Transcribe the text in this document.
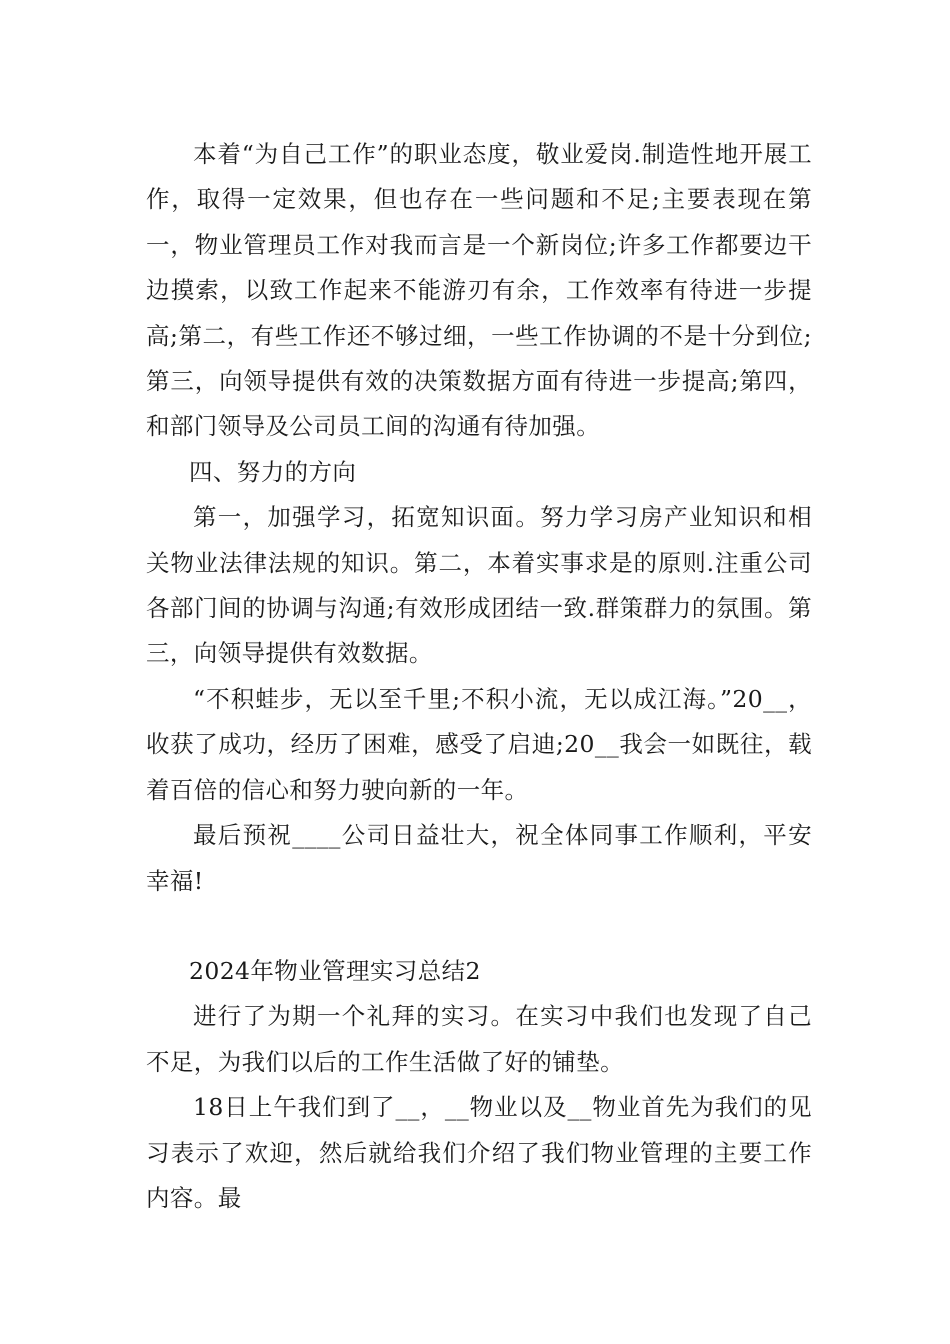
本着“为自己工作”的职业态度，敬业爱岗.制造性地开展工作，取得一定效果，但也存在一些问题和不足;主要表现在第一，物业管理员工作对我而言是一个新岗位;许多工作都要边干边摸索，以致工作起来不能游刃有余，工作效率有待进一步提高;第二，有些工作还不够过细，一些工作协调的不是十分到位;第三，向领导提供有效的决策数据方面有待进一步提高;第四，和部门领导及公司员工间的沟通有待加强。

四、努力的方向

第一，加强学习，拓宽知识面。努力学习房产业知识和相关物业法律法规的知识。第二，本着实事求是的原则.注重公司各部门间的协调与沟通;有效形成团结一致.群策群力的氛围。第三，向领导提供有效数据。

“不积蛙步，无以至千里;不积小流，无以成江海。”20__，收获了成功，经历了困难，感受了启迪;20__我会一如既往，载着百倍的信心和努力驶向新的一年。

最后预祝____公司日益壮大，祝全体同事工作顺利，平安幸福!

2024年物业管理实习总结2

进行了为期一个礼拜的实习。在实习中我们也发现了自己不足，为我们以后的工作生活做了好的铺垫。

18日上午我们到了__，__物业以及__物业首先为我们的见习表示了欢迎，然后就给我们介绍了我们物业管理的主要工作内容。最
